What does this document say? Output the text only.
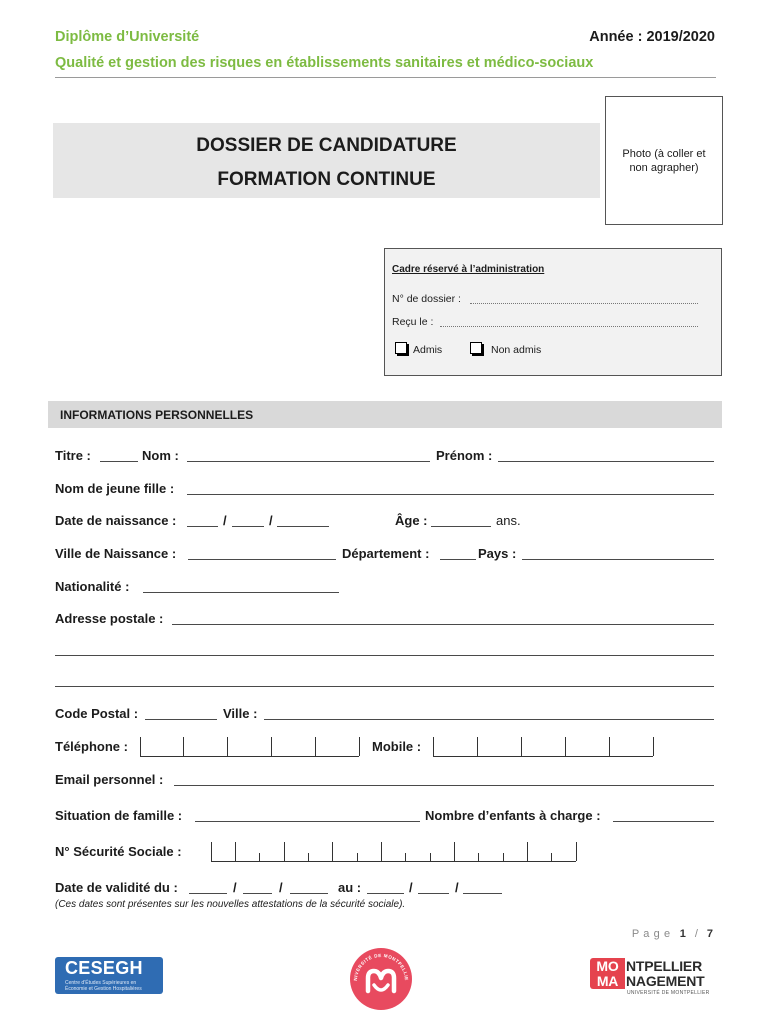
Diplôme d’Université	Année : 2019/2020
Qualité et gestion des risques en établissements sanitaires et médico-sociaux
DOSSIER DE CANDIDATURE
FORMATION CONTINUE
Photo (à coller et non agrapher)
Cadre réservé à l’administration
N° de dossier :
Reçu le :
Admis	Non admis
INFORMATIONS PERSONNELLES
Titre :	Nom :	Prénom :
Nom de jeune fille :
Date de naissance :	/	/	Âge :	ans.
Ville de Naissance :	Département :	Pays :
Nationalité :
Adresse postale :
Code Postal :	Ville :
Téléphone :	Mobile :
Email personnel :
Situation de famille :	Nombre d’enfants à charge :
N° Sécurité Sociale :
Date de validité du :	/	/	au :	/	/
(Ces dates sont présentes sur les nouvelles attestations de la sécurité sociale).
P a g e 1 / 7
CESEGH
Centre d’Études Supérieures en
Économie et Gestion Hospitalières
NIVERSITÉ DE MONTPELLIE
MO NTPELLIER
MA NAGEMENT
UNIVERSITÉ DE MONTPELLIER
